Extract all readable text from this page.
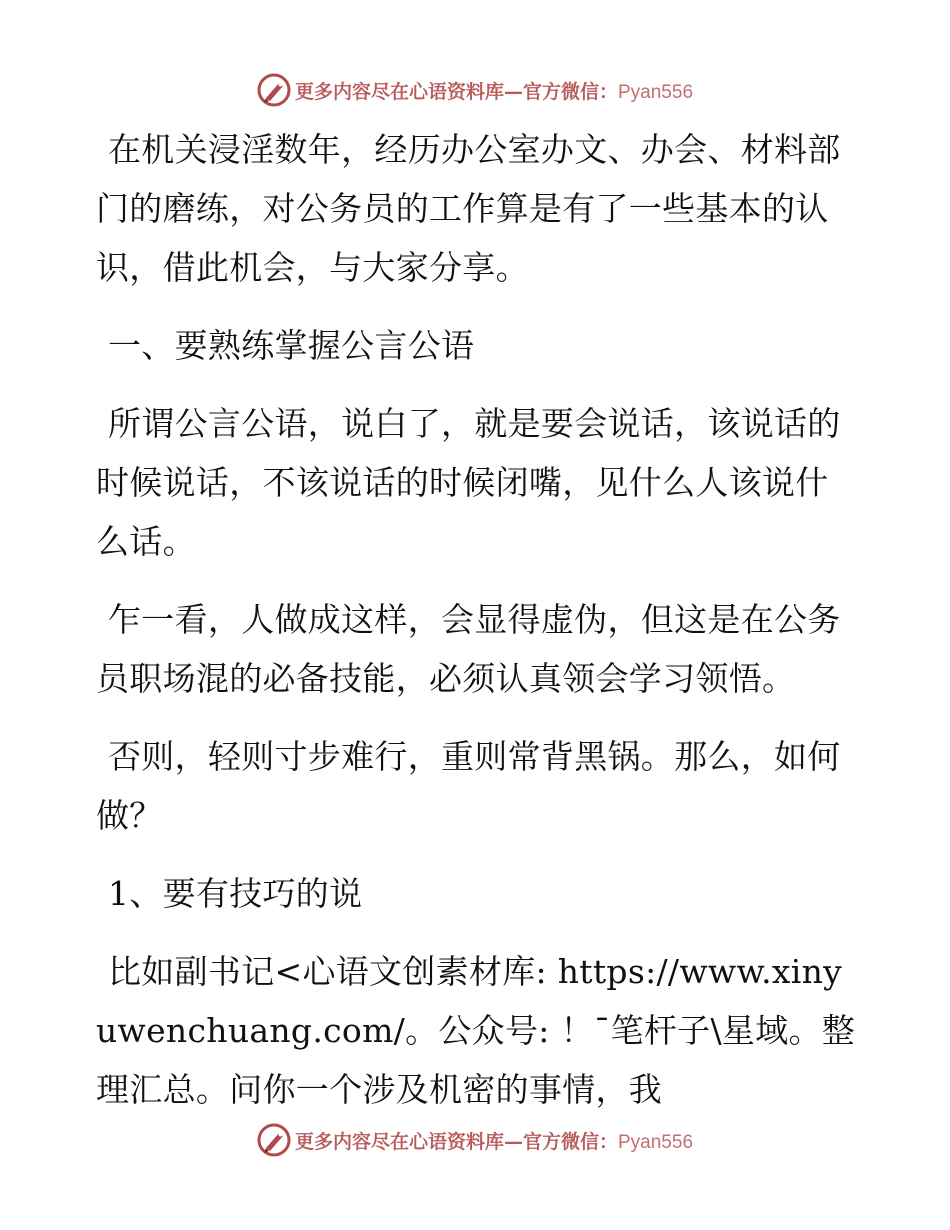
更多内容尽在心语资料库—官方微信：Pyan556

在机关浸淫数年，经历办公室办文、办会、材料部门的磨练，对公务员的工作算是有了一些基本的认识，借此机会，与大家分享。

一、要熟练掌握公言公语

所谓公言公语，说白了，就是要会说话，该说话的时候说话，不该说话的时候闭嘴，见什么人该说什么话。

乍一看，人做成这样，会显得虚伪，但这是在公务员职场混的必备技能，必须认真领会学习领悟。

否则，轻则寸步难行，重则常背黑锅。那么，如何做？

1、要有技巧的说

比如副书记<心语文创素材库: https://www.xinyuwenchuang.com/。公众号: ！¯笔杆子\星域。整理汇总。问你一个涉及机密的事情，我

更多内容尽在心语资料库—官方微信：Pyan556
